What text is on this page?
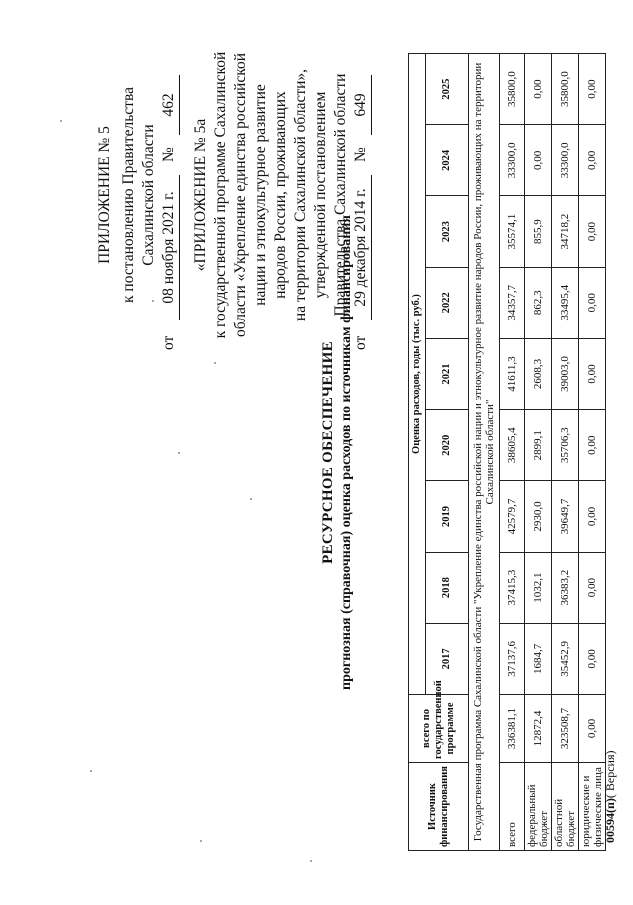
ПРИЛОЖЕНИЕ № 5 к постановлению Правительства Сахалинской области
от
08 ноября 2021 г.
№
462
«ПРИЛОЖЕНИЕ № 5а к государственной программе Сахалинской области «Укрепление единства российской нации и этнокультурное развитие народов России, проживающих на территории Сахалинской области», утвержденной постановлением Правительства Сахалинской области
от
29 декабря 2014 г.
№
649
РЕСУРСНОЕ ОБЕСПЕЧЕНИЕ прогнозная (справочная) оценка расходов по источникам финансирования
Источник финансирования	всего по государственной программе	Оценка расходов, годы (тыс. руб.)								
		2017	2018	2019	2020	2021	2022	2023	2024	2025
Государственная программа Сахалинской области "Укрепление единства российской нации и этнокультурное развитие народов России, проживающих на территории Сахалинской области"										
всего	336381,1	37137,6	37415,3	42579,7	38605,4	41611,3	34357,7	35574,1	33300,0	35800,0
федеральный бюджет	12872,4	1684,7	1032,1	2930,0	2899,1	2608,3	862,3	855,9	0,00	0,00
областной бюджет	323508,7	35452,9	36383,2	39649,7	35706,3	39003,0	33495,4	34718,2	33300,0	35800,0
юридические и физические лица	0,00	0,00	0,00	0,00	0,00	0,00	0,00	0,00	0,00	0,00
00594(п)( Версия)
